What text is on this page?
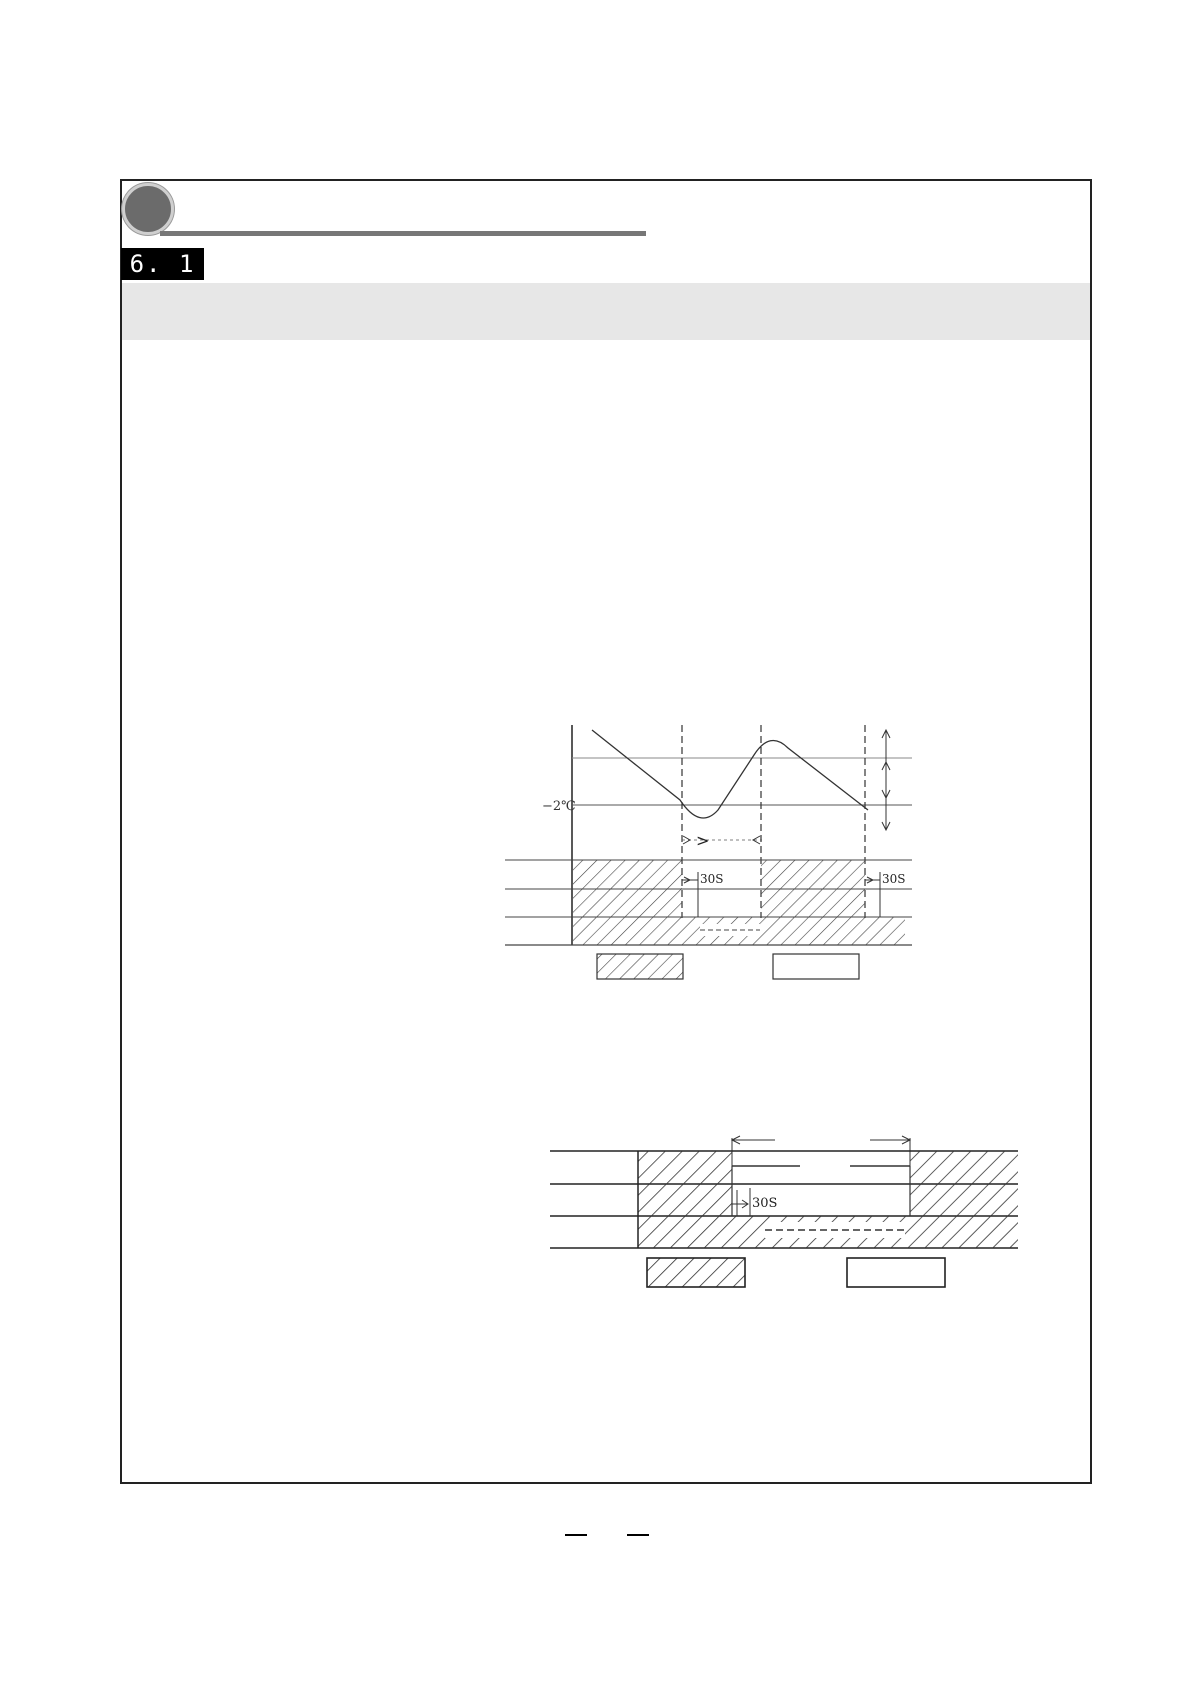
6. 1
−2℃
>
30S	30S
30S
